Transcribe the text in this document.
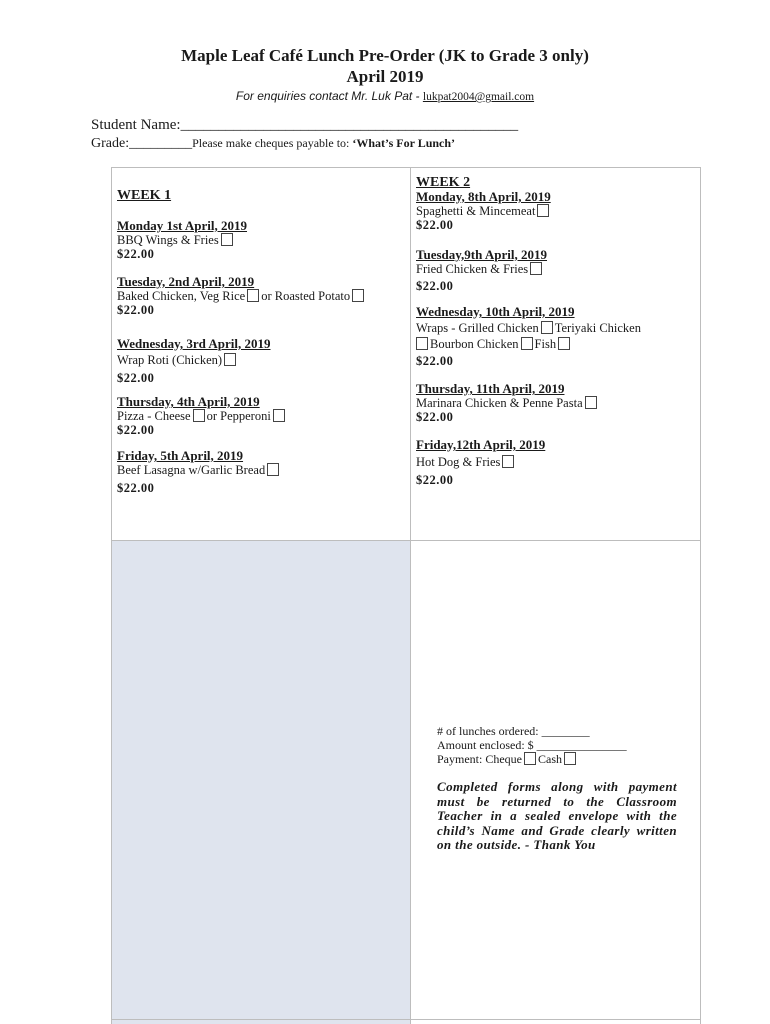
Maple Leaf Café Lunch Pre-Order (JK to Grade 3 only)
April 2019
For enquiries contact Mr. Luk Pat - lukpat2004@gmail.com
Student Name:_____________________________________________
Grade:_________Please make cheques payable to: ‘What’s For Lunch’
WEEK 1
Monday 1st April, 2019
BBQ Wings & Fries
$22.00
Tuesday, 2nd April, 2019
Baked Chicken, Veg Rice or Roasted Potato
$22.00
Wednesday, 3rd April, 2019
Wrap Roti (Chicken)
$22.00
Thursday, 4th April, 2019
Pizza - Cheese or Pepperoni
$22.00
Friday, 5th April, 2019
Beef Lasagna w/Garlic Bread
$22.00
WEEK 2
Monday, 8th April, 2019
Spaghetti & Mincemeat
$22.00
Tuesday,9th April, 2019
Fried Chicken & Fries
$22.00
Wednesday, 10th April, 2019
Wraps - Grilled Chicken Teriyaki Chicken
Bourbon Chicken Fish
$22.00
Thursday, 11th April, 2019
Marinara Chicken & Penne Pasta
$22.00
Friday,12th April, 2019
Hot Dog & Fries
$22.00
# of lunches ordered: ________
Amount enclosed: $ _______________
Payment: Cheque Cash
Completed forms along with payment must be returned to the Classroom Teacher in a sealed envelope with the child’s Name and Grade clearly written on the outside. - Thank You
